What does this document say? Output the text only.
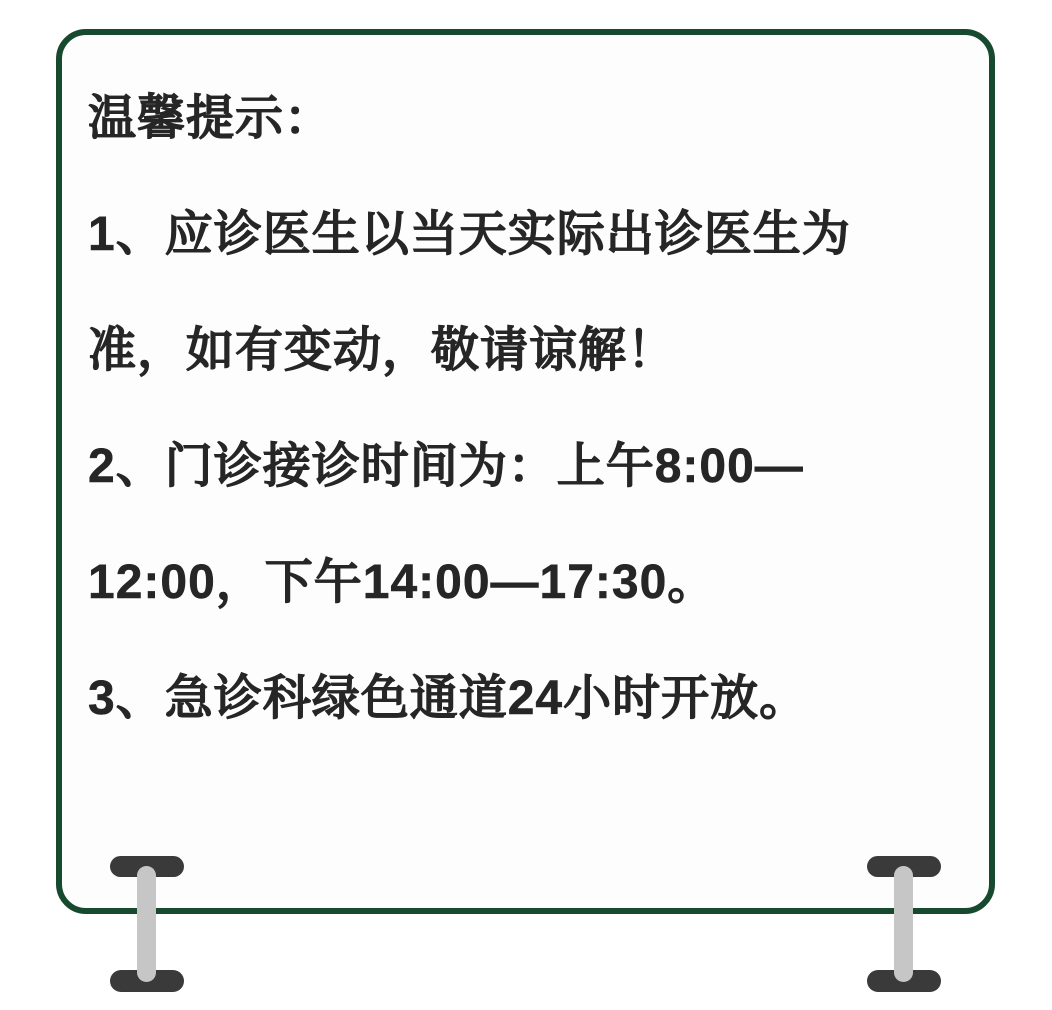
温馨提示：
1、应诊医生以当天实际出诊医生为
准，如有变动，敬请谅解！
2、门诊接诊时间为：上午8:00—
12:00，下午14:00—17:30。
3、急诊科绿色通道24小时开放。
